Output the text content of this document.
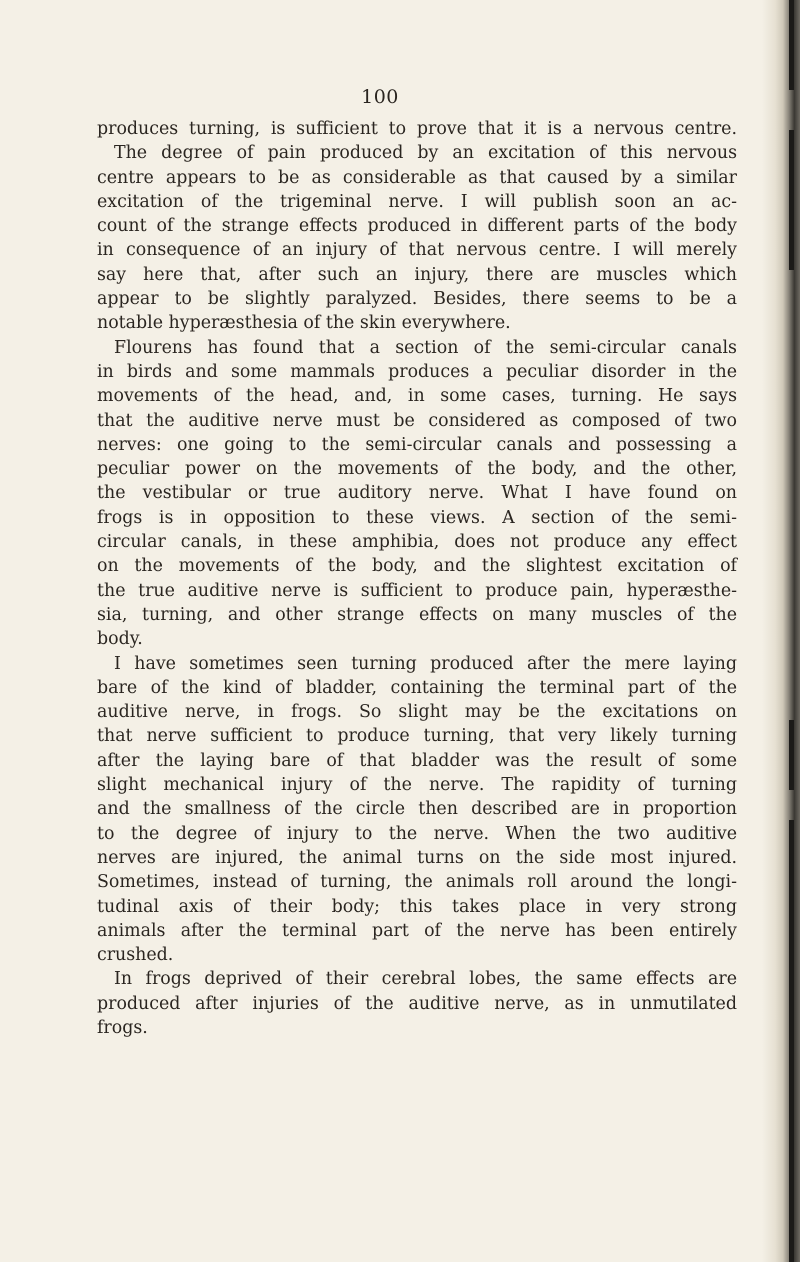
100
produces turning, is sufficient to prove that it is a nervous centre.
The degree of pain produced by an excitation of this nervous
centre appears to be as considerable as that caused by a similar
excitation of the trigeminal nerve. I will publish soon an ac-
count of the strange effects produced in different parts of the body
in consequence of an injury of that nervous centre. I will merely
say here that, after such an injury, there are muscles which
appear to be slightly paralyzed. Besides, there seems to be a
notable hyperæsthesia of the skin everywhere.
Flourens has found that a section of the semi-circular canals
in birds and some mammals produces a peculiar disorder in the
movements of the head, and, in some cases, turning. He says
that the auditive nerve must be considered as composed of two
nerves: one going to the semi-circular canals and possessing a
peculiar power on the movements of the body, and the other,
the vestibular or true auditory nerve. What I have found on
frogs is in opposition to these views. A section of the semi-
circular canals, in these amphibia, does not produce any effect
on the movements of the body, and the slightest excitation of
the true auditive nerve is sufficient to produce pain, hyperæsthe-
sia, turning, and other strange effects on many muscles of the
body.
I have sometimes seen turning produced after the mere laying
bare of the kind of bladder, containing the terminal part of the
auditive nerve, in frogs. So slight may be the excitations on
that nerve sufficient to produce turning, that very likely turning
after the laying bare of that bladder was the result of some
slight mechanical injury of the nerve. The rapidity of turning
and the smallness of the circle then described are in proportion
to the degree of injury to the nerve. When the two auditive
nerves are injured, the animal turns on the side most injured.
Sometimes, instead of turning, the animals roll around the longi-
tudinal axis of their body; this takes place in very strong
animals after the terminal part of the nerve has been entirely
crushed.
In frogs deprived of their cerebral lobes, the same effects are
produced after injuries of the auditive nerve, as in unmutilated
frogs.
